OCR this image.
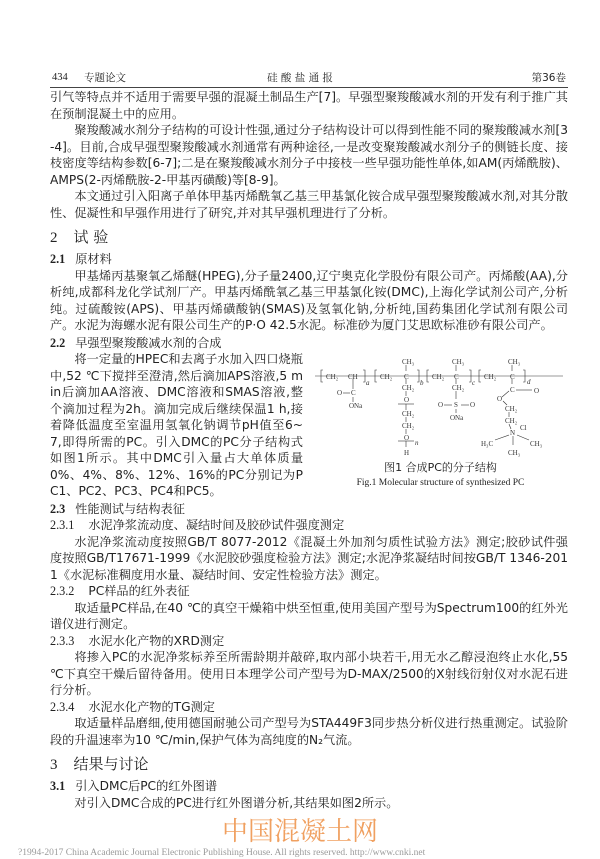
434 专题论文	硅 酸 盐 通 报	第36卷

引气等特点并不适用于需要早强的混凝土制品生产[7]。早强型聚羧酸减水剂的开发有利于推广其在预制混凝土中的应用。

聚羧酸减水剂分子结构的可设计性强,通过分子结构设计可以得到性能不同的聚羧酸减水剂[3-4]。目前,合成早强型聚羧酸减水剂通常有两种途径,一是改变聚羧酸减水剂分子的侧链长度、接枝密度等结构参数[6-7];二是在聚羧酸减水剂分子中接枝一些早强功能性单体,如AM(丙烯酰胺)、AMPS(2-丙烯酰胺-2-甲基丙磺酸)等[8-9]。

本文通过引入阳离子单体甲基丙烯酰氧乙基三甲基氯化铵合成早强型聚羧酸减水剂,对其分散性、促凝性和早强作用进行了研究,并对其早强机理进行了分析。

2 试 验
2.1 原材料

甲基烯丙基聚氧乙烯醚(HPEG),分子量2400,辽宁奥克化学股份有限公司产。丙烯酸(AA),分析纯,成都科龙化学试剂厂产。甲基丙烯酰氧乙基三甲基氯化铵(DMC),上海化学试剂公司产,分析纯。过硫酸铵(APS)、甲基丙烯磺酸钠(SMAS)及氢氧化钠,分析纯,国药集团化学试剂有限公司产。水泥为海螺水泥有限公司生产的P·O 42.5水泥。标准砂为厦门艾思欧标准砂有限公司产。

2.2 早强型聚羧酸减水剂的合成
CH₂ CH
a
O C
ONa
CH₂ C
CH₃
b
CH₂
O
CH₂
CH₂
O
n
H
CH₂ C
CH₃
c
CH₂
S
O	O
ONa
CH₂ C
CH₃
d
C	O
O
CH₂
CH₂
N
Cl
H₃C	CH₃
CH₃
图1 合成PC的分子结构
Fig.1 Molecular structure of synthesized PC

将一定量的HPEC和去离子水加入四口烧瓶中,52 ℃下搅拌至澄清,然后滴加APS溶液,5 min后滴加AA溶液、DMC溶液和SMAS溶液,整个滴加过程为2h。滴加完成后继续保温1 h,接着降低温度至室温用氢氧化钠调节pH值至6~7,即得所需的PC。引入DMC的PC分子结构式如图1所示。其中DMC引入量占大单体质量0%、4%、8%、12%、16%的PC分别记为PC1、PC2、PC3、PC4和PC5。

2.3 性能测试与结构表征
2.3.1 水泥净浆流动度、凝结时间及胶砂试件强度测定

水泥净浆流动度按照GB/T 8077-2012《混凝土外加剂匀质性试验方法》测定;胶砂试件强度按照GB/T17671-1999《水泥胶砂强度检验方法》测定;水泥净浆凝结时间按GB/T 1346-2011《水泥标准稠度用水量、凝结时间、安定性检验方法》测定。

2.3.2 PC样品的红外表征

取适量PC样品,在40 ℃的真空干燥箱中烘至恒重,使用美国产型号为Spectrum100的红外光谱仪进行测定。

2.3.3 水泥水化产物的XRD测定

将掺入PC的水泥净浆标养至所需龄期并敲碎,取内部小块若干,用无水乙醇浸泡终止水化,55 ℃下真空干燥后留待备用。使用日本理学公司产型号为D-MAX/2500的X射线衍射仪对水泥石进行分析。

2.3.4 水泥水化产物的TG测定

取适量样品磨细,使用德国耐驰公司产型号为STA449F3同步热分析仪进行热重测定。试验阶段的升温速率为10 ℃/min,保护气体为高纯度的N₂气流。

3 结果与讨论
3.1 引入DMC后PC的红外图谱

对引入DMC合成的PC进行红外图谱分析,其结果如图2所示。

中国混凝土网
?1994-2017 China Academic Journal Electronic Publishing House. All rights reserved. http://www.cnki.net
